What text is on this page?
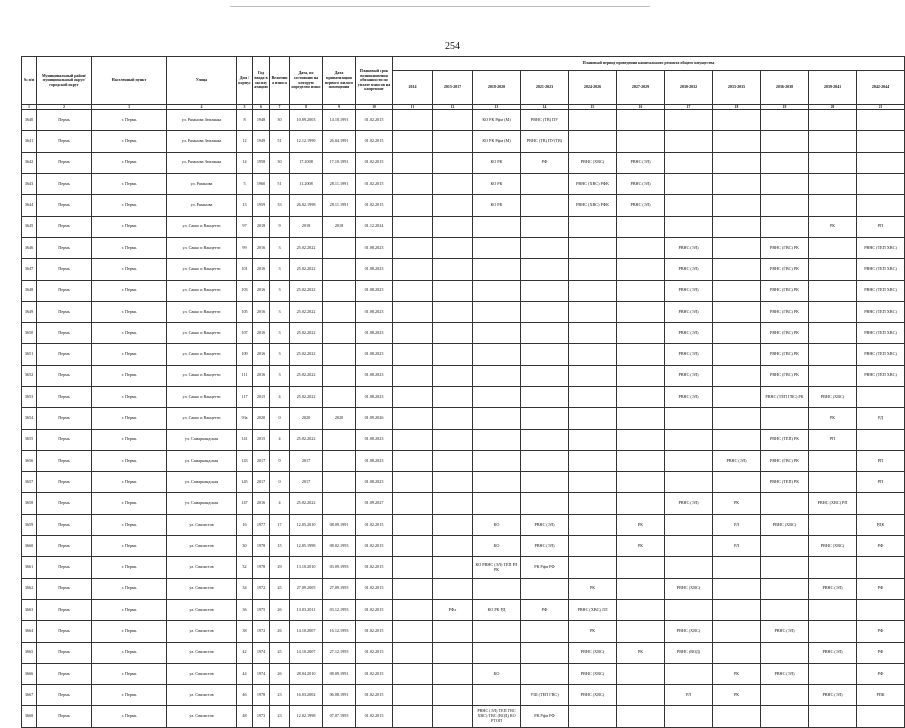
254
№ п/п	Муниципальный район/ муниципальный округ/городской округ	Населенный пункт	Улица	Дом / корпус	Год ввода в эксплуатацию	Величина износа	Дата, по состоянию на которую определен износ	Дата приватизации первого жилого помещения	Плановый срок возникновения обязанности по уплате взносов на капремонт	Плановый период проведения капитального ремонта общего имущества										
										2014	2015-2017	2018-2020	2021-2023	2024-2026	2027-2029	2030-2032	2033-2035	2036-2038	2039-2041	2042-2044
1	2	3	4	5	6	7	8	9	10	11	12	13	14	15	16	17	18	19	20	21
3640	Пермь	г. Пермь	ул. Рязанова Землянка	8	1948	30	10.09.2003	14.10.1991	01.02.2015			КО РК Рфм (М)	РВНС (ТВ) ПУ							
3641	Пермь	г. Пермь	ул. Рязанова Землянка	12	1949	51	12.12.1999	26.04.1991	01.02.2015			КО РК Рфм (М)	РВНС (ТВ) ПУ(ТВ)							
3642	Пермь	г. Пермь	ул. Рязанова Землянка	14	1958	30	17.2008	17.10.1991	01.02.2015			КО РК	РФ	РВНС (ХВС)	РВНС (ЭЛ)					
3643	Пермь	г. Пермь	ул. Рязанова	5	1960	51	11.2008	28.11.1991	01.02.2015			КО РК		РВНС (ХВС) РФК	РВНС (ЭЛ)					
3644	Пермь	г. Пермь	ул. Рязанова	13	1959	33	26.02.1998	28.11.1991	01.02.2015			КО РК		РВНС (ХВС) РФК	РВНС (ЭЛ)					
3645	Пермь	г. Пермь	ул. Сакко и Ванцетти	97	2018	9	2018	2018	01.12.2024										РК	РП
3646	Пермь	г. Пермь	ул. Сакко и Ванцетти	99	2016	3	25.02.2022		01.08.2023							РВНС (ЭЛ)		РВНС (ГВС) РК		РВНС (ТЕП ХВС)
3647	Пермь	г. Пермь	ул. Сакко и Ванцетти	101	2016	3	25.02.2022		01.08.2023							РВНС (ЭЛ)		РВНС (ГВС) РК		РВНС (ТЕП ХВС)
3648	Пермь	г. Пермь	ул. Сакко и Ванцетти	103	2016	3	25.02.2022		01.08.2023							РВНС (ЭЛ)		РВНС (ГВС) РК		РВНС (ТЕП ХВС)
3649	Пермь	г. Пермь	ул. Сакко и Ванцетти	105	2016	3	25.02.2022		01.08.2023							РВНС (ЭЛ)		РВНС (ГВС) РК		РВНС (ТЕП ХВС)
3650	Пермь	г. Пермь	ул. Сакко и Ванцетти	107	2016	3	25.02.2022		01.08.2023							РВНС (ЭЛ)		РВНС (ГВС) РК		РВНС (ТЕП ХВС)
3651	Пермь	г. Пермь	ул. Сакко и Ванцетти	109	2016	3	25.02.2022		01.08.2023							РВНС (ЭЛ)		РВНС (ГВС) РК		РВНС (ТЕП ХВС)
3652	Пермь	г. Пермь	ул. Сакко и Ванцетти	111	2016	3	25.02.2022		01.08.2023							РВНС (ЭЛ)		РВНС (ГВС) РК		РВНС (ТЕП ХВС)
3653	Пермь	г. Пермь	ул. Сакко и Ванцетти	117	2015	4	25.02.2022		01.08.2023							РВНС (ЭЛ)		РВНС (ТЕП ГВС) РК	РВНС (ХВС)	
3654	Пермь	г. Пермь	ул. Сакко и Ванцетти	93а	2020	0	2020	2020	01.09.2026										РК	РД
3655	Пермь	г. Пермь	ул. Самаркандская	141	2015	4	25.02.2022		01.08.2023									РВНС (ТЕП) РК	РП	
3656	Пермь	г. Пермь	ул. Самаркандская	143	2017	0	2017		01.08.2023								РВНС (ЭЛ)	РВНС (ГВС) РК		РП
3657	Пермь	г. Пермь	ул. Самаркандская	145	2017	0	2017		01.08.2023									РВНС (ТЕП) РК		РП
3658	Пермь	г. Пермь	ул. Самаркандская	147	2016	4	25.02.2022		01.09.2027							РВНС (ЭЛ)	РК		РВНС (ХВС) РП	
3659	Пермь	г. Пермь	ул. Связистов	16	1977	17	12.05.2010	08.09.1991	01.02.2015			КО	РВНС (ЭЛ)		РК		РЛ	РВНС (ХВС)		РДК
3660	Пермь	г. Пермь	ул. Связистов	30	1978	15	12.05.1998	08.02.1993	01.02.2015			КО	РВНС (ЭЛ)		РК		РЛ		РВНС (ХВС)	РФ
3661	Пермь	г. Пермь	ул. Связистов	32	1978	29	13.10.2010	03.09.1993	01.02.2015			КО РВНС (ЭЛ) ТЕП РЛ РК	РК Рфм РФ							
3662	Пермь	г. Пермь	ул. Связистов	34	1972	25	27.09.2005	27.09.1993	01.02.2015					РК		РВНС (ХВС)			РВНС (ЭЛ)	РФ
3663	Пермь	г. Пермь	ул. Связистов	36	1975	26	13.03.2011	03.12.1993	01.02.2015		РФх	КО РК РД	РФ	РВНС (ХВС) ЛЛ						
3664	Пермь	г. Пермь	ул. Связистов	38	1972	26	14.10.2007	16.12.1993	01.02.2015					РК		РВНС (ХВС)		РВНС (ЭЛ)		РФ
3665	Пермь	г. Пермь	ул. Связистов	42	1974	25	14.10.2007	27.12.1993	01.02.2015					РВНС (ХВС)	РК	РВНС (ВОД)			РВНС (ЭЛ)	РФ
3666	Пермь	г. Пермь	ул. Связистов	44	1974	26	28.04.2010	08.09.1991	01.02.2015			КО		РВНС (ХВС)			РК	РВНС (ЭЛ)		РФ
3667	Пермь	г. Пермь	ул. Связистов	46	1978	23	16.03.2002	06.08.1991	01.02.2015				УШ (ТЕП ГВС)	РВНС (ХВС)		РЛ	РК		РВНС (ЭЛ)	РПК
3668	Пермь	г. Пермь	ул. Связистов	48	1973	23	12.02.1998	07.07.1993	01.02.2015			РВНС (ЭЛ) ТЕП ГВС ХВС) ТВС (ВОД) КО РТОП	РК Рфм РФ							
